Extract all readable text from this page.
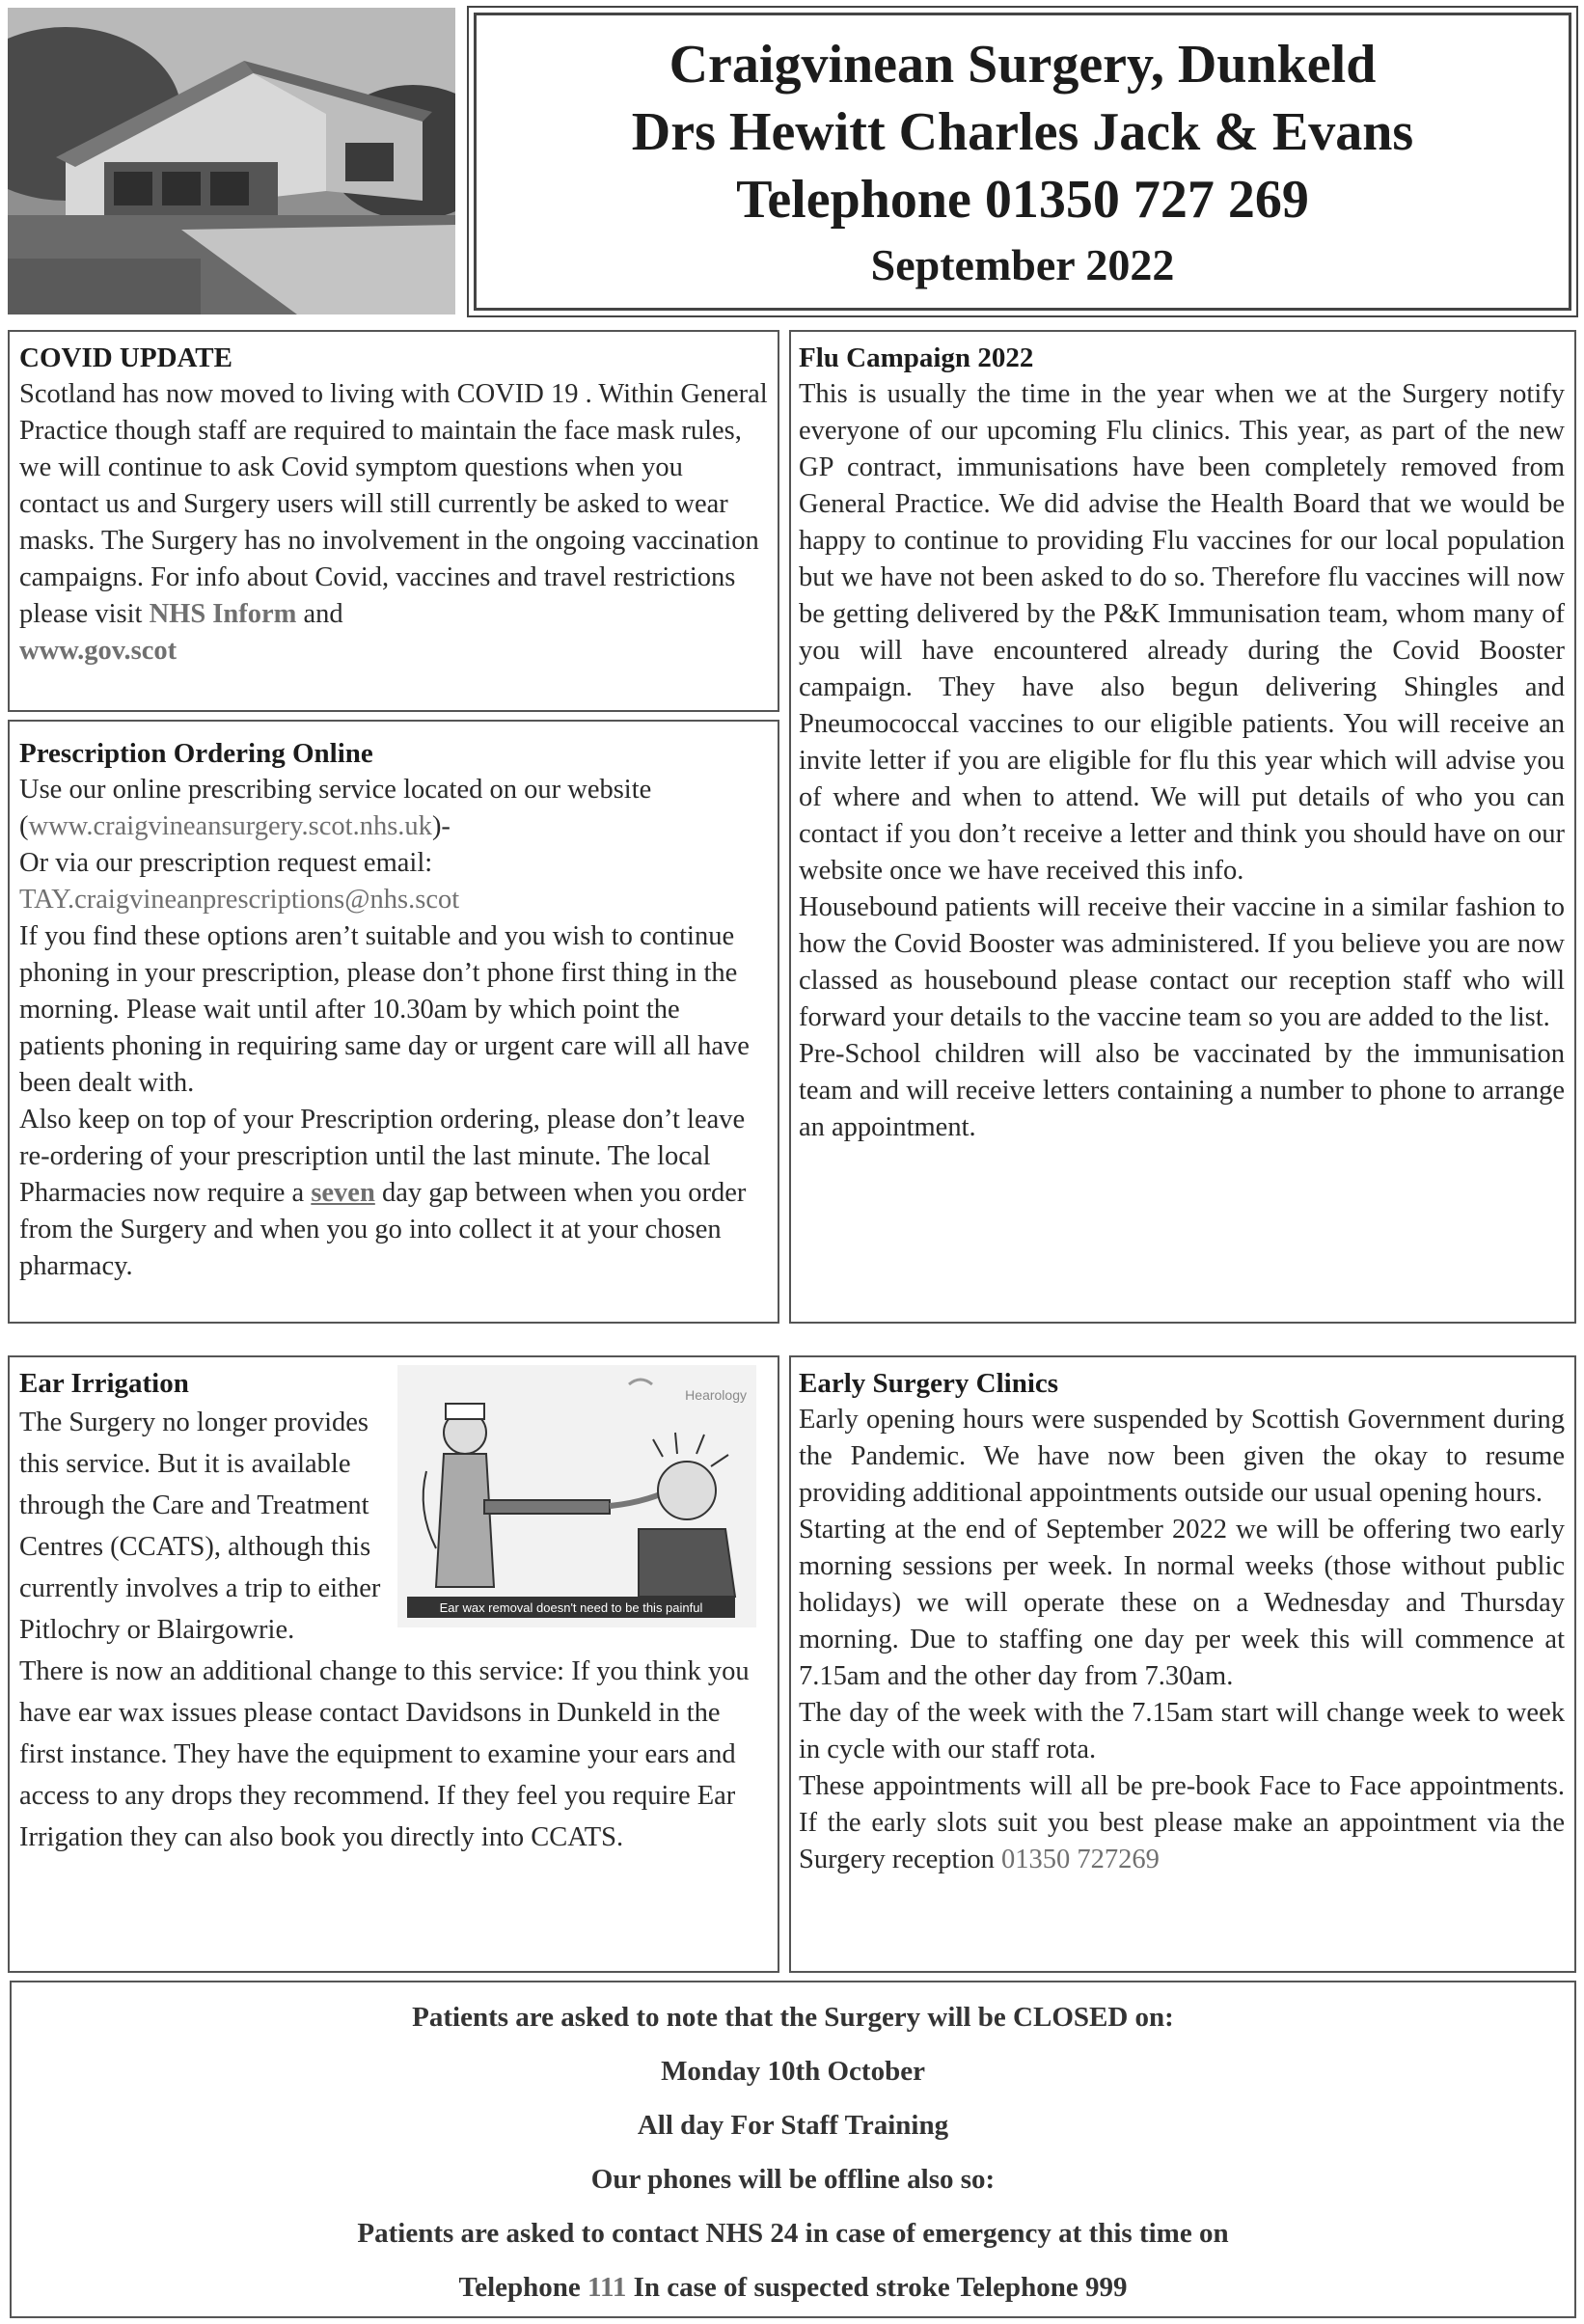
Craigvinean Surgery, Dunkeld
Drs Hewitt Charles Jack & Evans
Telephone 01350 727 269
September 2022
COVID UPDATE

Scotland has now moved to living with COVID 19 . Within General Practice though staff are required to maintain the face mask rules, we will continue to ask Covid symptom questions when you contact us and Surgery users will still currently be asked to wear masks. The Surgery has no involvement in the ongoing vaccination campaigns. For info about Covid, vaccines and travel restrictions please visit NHS Inform and
www.gov.scot

Prescription Ordering Online

Use our online prescribing service located on our website (www.craigvineansurgery.scot.nhs.uk)-
Or via our prescription request email:
TAY.craigvineanprescriptions@nhs.scot

If you find these options aren’t suitable and you wish to continue phoning in your prescription, please don’t phone first thing in the morning. Please wait until after 10.30am by which point the patients phoning in requiring same day or urgent care will all have been dealt with.

Also keep on top of your Prescription ordering, please don’t leave re-ordering of your prescription until the last minute. The local Pharmacies now require a seven day gap between when you order from the Surgery and when you go into collect it at your chosen pharmacy.

Flu Campaign 2022

This is usually the time in the year when we at the Surgery notify everyone of our upcoming Flu clinics. This year, as part of the new GP contract, immunisations have been completely removed from General Practice. We did advise the Health Board that we would be happy to continue to providing Flu vaccines for our local population but we have not been asked to do so. Therefore flu vaccines will now be getting delivered by the P&K Immunisation team, whom many of you will have encountered already during the Covid Booster campaign. They have also begun delivering Shingles and Pneumococcal vaccines to our eligible patients. You will receive an invite letter if you are eligible for flu this year which will advise you of where and when to attend. We will put details of who you can contact if you don’t receive a letter and think you should have on our website once we have received this info.

Housebound patients will receive their vaccine in a similar fashion to how the Covid Booster was administered. If you believe you are now classed as housebound please contact our reception staff who will forward your details to the vaccine team so you are added to the list.

Pre-School children will also be vaccinated by the immunisation team and will receive letters containing a number to phone to arrange an appointment.

Hearology
Ear wax removal doesn't need to be this painful
Ear Irrigation

The Surgery no longer provides this service. But it is available through the Care and Treatment Centres (CCATS), although this currently involves a trip to either Pitlochry or Blairgowrie.

There is now an additional change to this service: If you think you have ear wax issues please contact Davidsons in Dunkeld in the first instance. They have the equipment to examine your ears and access to any drops they recommend. If they feel you require Ear Irrigation they can also book you directly into CCATS.

Early Surgery Clinics

Early opening hours were suspended by Scottish Government during the Pandemic. We have now been given the okay to resume providing additional appointments outside our usual opening hours.

Starting at the end of September 2022 we will be offering two early morning sessions per week. In normal weeks (those without public holidays) we will operate these on a Wednesday and Thursday morning. Due to staffing one day per week this will commence at 7.15am and the other day from 7.30am.

The day of the week with the 7.15am start will change week to week in cycle with our staff rota.

These appointments will all be pre-book Face to Face appointments. If the early slots suit you best please make an appointment via the Surgery reception 01350 727269

Patients are asked to note that the Surgery will be CLOSED on:
Monday 10th October
All day For Staff Training
Our phones will be offline also so:
Patients are asked to contact NHS 24 in case of emergency at this time on
Telephone 111 In case of suspected stroke Telephone 999
